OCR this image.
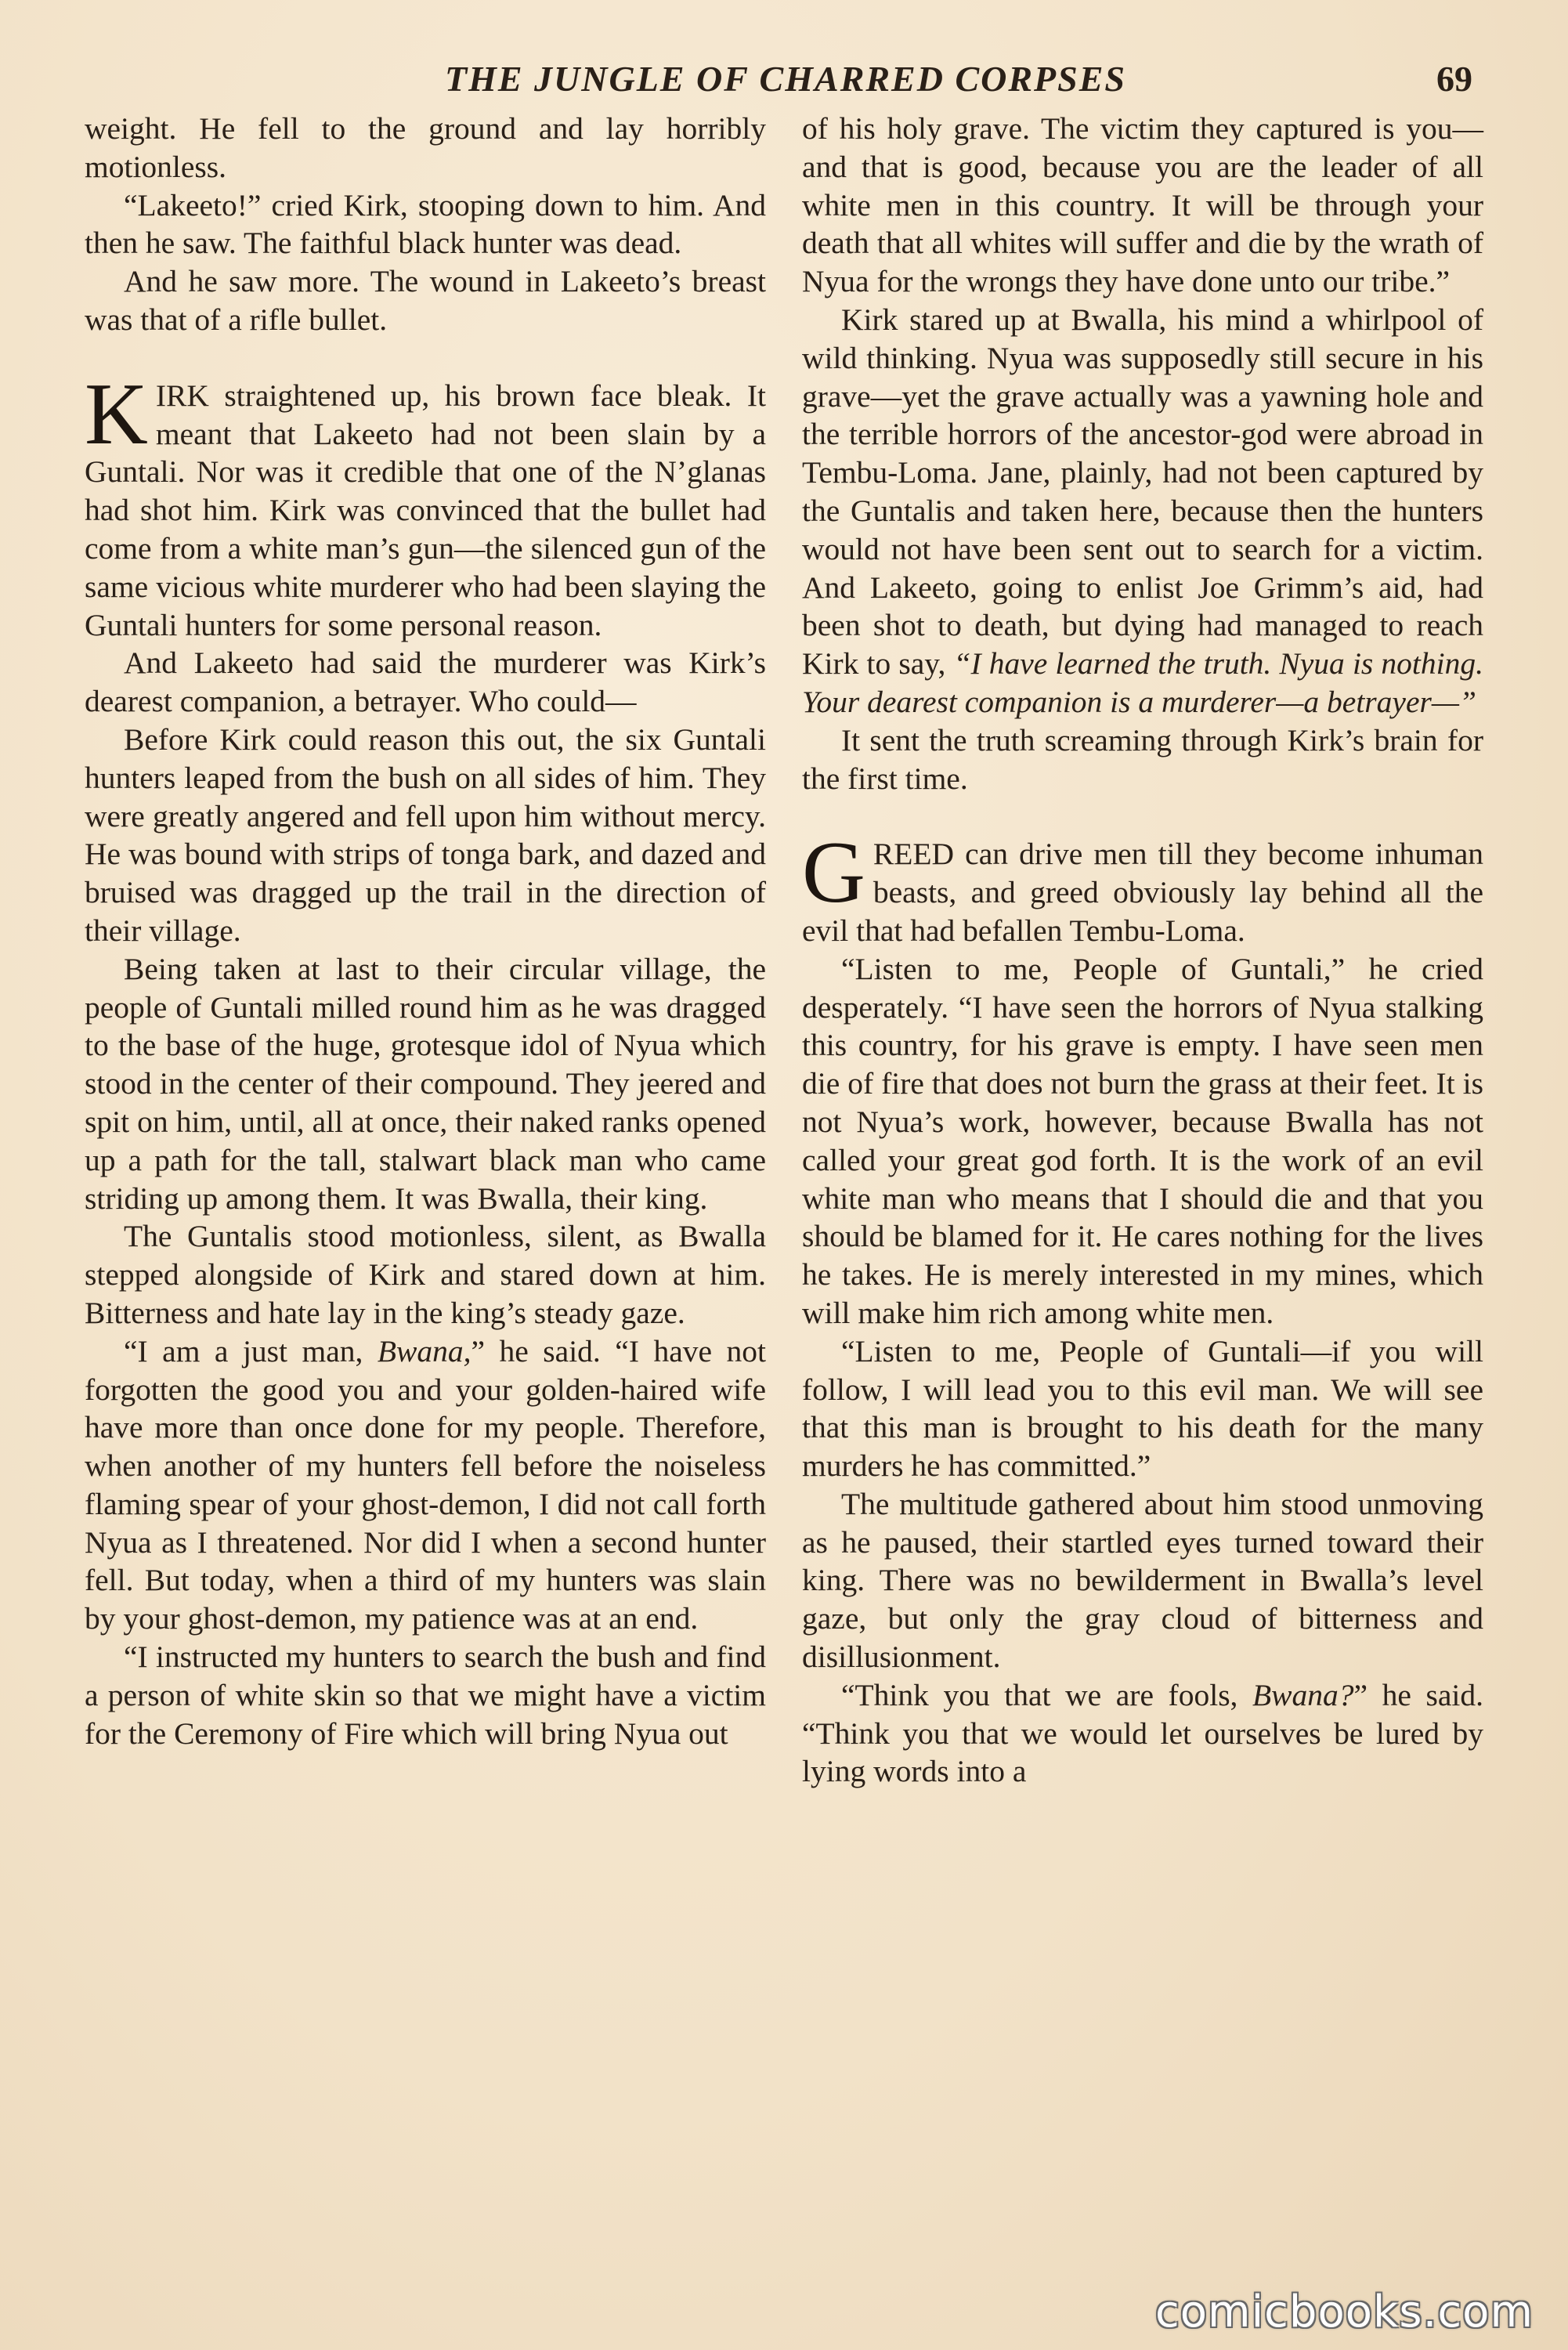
THE JUNGLE OF CHARRED CORPSES	69

weight. He fell to the ground and lay horribly motionless.

“Lakeeto!” cried Kirk, stooping down to him. And then he saw. The faithful black hunter was dead.

And he saw more. The wound in Lakeeto’s breast was that of a rifle bullet.

KIRK straightened up, his brown face bleak. It meant that Lakeeto had not been slain by a Guntali. Nor was it credible that one of the N’glanas had shot him. Kirk was convinced that the bullet had come from a white man’s gun—the silenced gun of the same vicious white murderer who had been slaying the Guntali hunters for some personal reason.

And Lakeeto had said the murderer was Kirk’s dearest companion, a betrayer. Who could—

Before Kirk could reason this out, the six Guntali hunters leaped from the bush on all sides of him. They were greatly angered and fell upon him without mercy. He was bound with strips of tonga bark, and dazed and bruised was dragged up the trail in the direction of their village.

Being taken at last to their circular village, the people of Guntali milled round him as he was dragged to the base of the huge, grotesque idol of Nyua which stood in the center of their compound. They jeered and spit on him, until, all at once, their naked ranks opened up a path for the tall, stalwart black man who came striding up among them. It was Bwalla, their king.

The Guntalis stood motionless, silent, as Bwalla stepped alongside of Kirk and stared down at him. Bitterness and hate lay in the king’s steady gaze.

“I am a just man, Bwana,” he said. “I have not forgotten the good you and your golden-haired wife have more than once done for my people. Therefore, when another of my hunters fell before the noiseless flaming spear of your ghost-demon, I did not call forth Nyua as I threatened. Nor did I when a second hunter fell. But today, when a third of my hunters was slain by your ghost-demon, my patience was at an end.

“I instructed my hunters to search the bush and find a person of white skin so that we might have a victim for the Ceremony of Fire which will bring Nyua out

of his holy grave. The victim they captured is you—and that is good, because you are the leader of all white men in this country. It will be through your death that all whites will suffer and die by the wrath of Nyua for the wrongs they have done unto our tribe.”

Kirk stared up at Bwalla, his mind a whirlpool of wild thinking. Nyua was supposedly still secure in his grave—yet the grave actually was a yawning hole and the terrible horrors of the ancestor-god were abroad in Tembu-Loma. Jane, plainly, had not been captured by the Guntalis and taken here, because then the hunters would not have been sent out to search for a victim. And Lakeeto, going to enlist Joe Grimm’s aid, had been shot to death, but dying had managed to reach Kirk to say, “I have learned the truth. Nyua is nothing. Your dearest companion is a murderer—a betrayer—”

It sent the truth screaming through Kirk’s brain for the first time.

GREED can drive men till they become inhuman beasts, and greed obviously lay behind all the evil that had befallen Tembu-Loma.

“Listen to me, People of Guntali,” he cried desperately. “I have seen the horrors of Nyua stalking this country, for his grave is empty. I have seen men die of fire that does not burn the grass at their feet. It is not Nyua’s work, however, because Bwalla has not called your great god forth. It is the work of an evil white man who means that I should die and that you should be blamed for it. He cares nothing for the lives he takes. He is merely interested in my mines, which will make him rich among white men.

“Listen to me, People of Guntali—if you will follow, I will lead you to this evil man. We will see that this man is brought to his death for the many murders he has committed.”

The multitude gathered about him stood unmoving as he paused, their startled eyes turned toward their king. There was no bewilderment in Bwalla’s level gaze, but only the gray cloud of bitterness and disillusionment.

“Think you that we are fools, Bwana?” he said. “Think you that we would let ourselves be lured by lying words into a

comicbooks.com
